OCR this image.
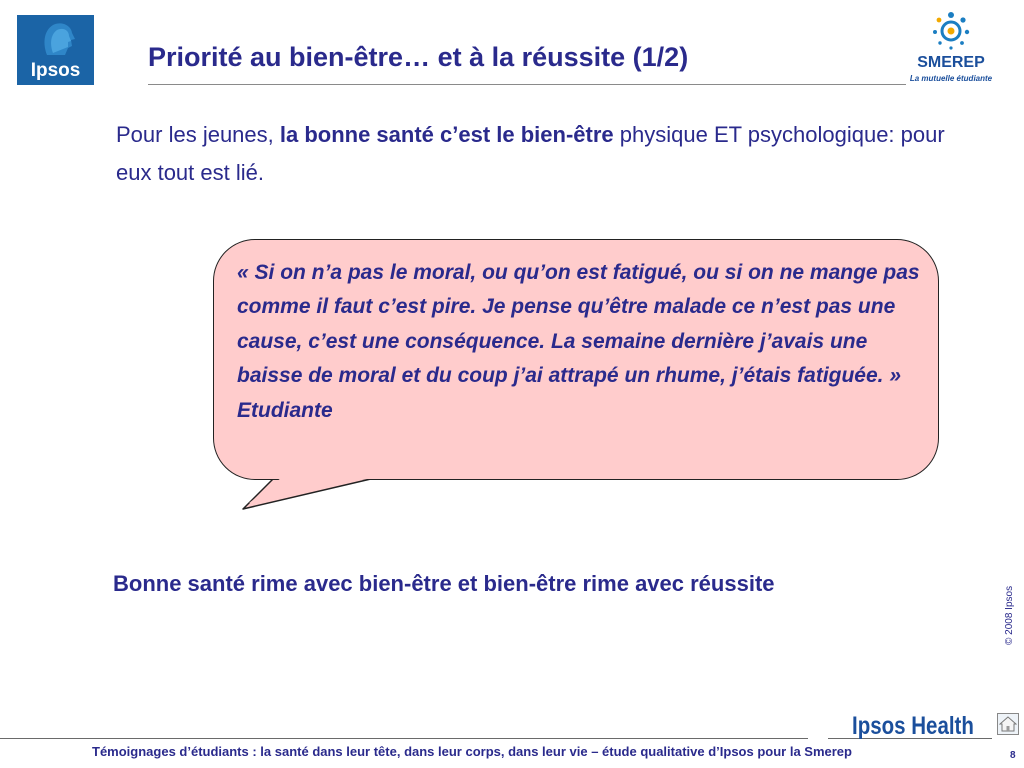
Ipsos	Priorité au bien-être… et à la réussite (1/2)	SMEREP
La mutuelle étudiante

Pour les jeunes, la bonne santé c’est le bien-être physique ET psychologique: pour eux tout est lié.

« Si on n’a pas le moral, ou qu’on est fatigué, ou si on ne mange pas comme il faut c’est pire. Je pense qu’être malade ce n’est pas une cause, c’est une conséquence. La semaine dernière j’avais une baisse de moral et du coup j’ai attrapé un rhume, j’étais fatiguée. » Etudiante

Bonne santé rime avec bien-être et bien-être rime avec réussite

© 2008 Ipsos
Ipsos Health
Témoignages d’étudiants : la santé dans leur tête, dans leur corps, dans leur vie – étude qualitative d’Ipsos pour la Smerep	8
